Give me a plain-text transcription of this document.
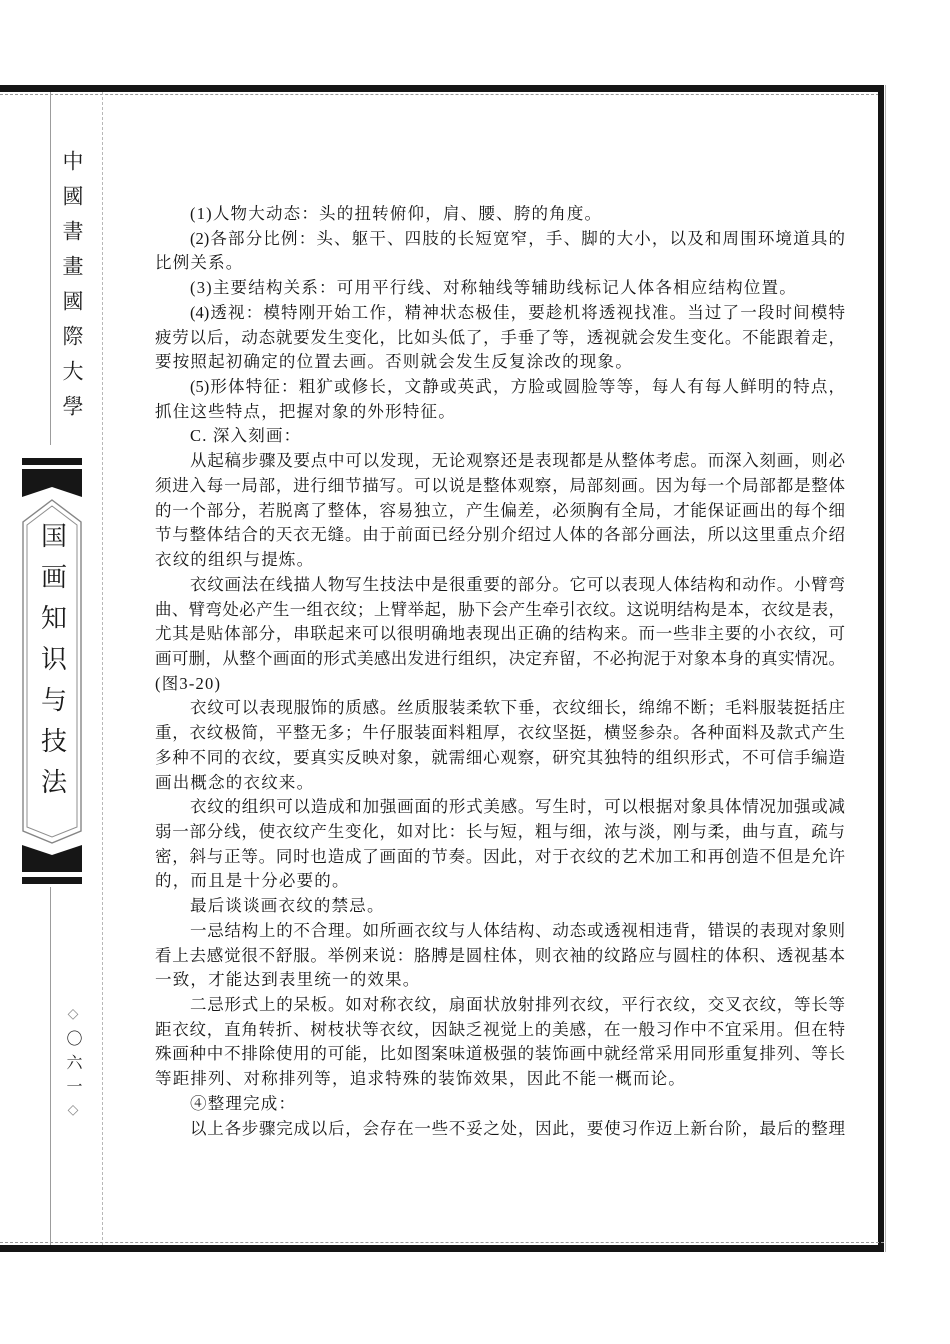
中國書畫國際大學
国画知识与技法
◇〇六一◇
(1)人物大动态：头的扭转俯仰，肩、腰、胯的角度。
(2)各部分比例：头、躯干、四肢的长短宽窄，手、脚的大小，以及和周围环境道具的
比例关系。
(3)主要结构关系：可用平行线、对称轴线等辅助线标记人体各相应结构位置。
(4)透视：模特刚开始工作，精神状态极佳，要趁机将透视找准。当过了一段时间模特
疲劳以后，动态就要发生变化，比如头低了，手垂了等，透视就会发生变化。不能跟着走，
要按照起初确定的位置去画。否则就会发生反复涂改的现象。
(5)形体特征：粗犷或修长，文静或英武，方脸或圆脸等等，每人有每人鲜明的特点，
抓住这些特点，把握对象的外形特征。
C. 深入刻画：
从起稿步骤及要点中可以发现，无论观察还是表现都是从整体考虑。而深入刻画，则必
须进入每一局部，进行细节描写。可以说是整体观察，局部刻画。因为每一个局部都是整体
的一个部分，若脱离了整体，容易独立，产生偏差，必须胸有全局，才能保证画出的每个细
节与整体结合的天衣无缝。由于前面已经分别介绍过人体的各部分画法，所以这里重点介绍
衣纹的组织与提炼。
衣纹画法在线描人物写生技法中是很重要的部分。它可以表现人体结构和动作。小臂弯
曲、臂弯处必产生一组衣纹；上臂举起，胁下会产生牵引衣纹。这说明结构是本，衣纹是表，
尤其是贴体部分，串联起来可以很明确地表现出正确的结构来。而一些非主要的小衣纹，可
画可删，从整个画面的形式美感出发进行组织，决定弃留，不必拘泥于对象本身的真实情况。
(图3-20)
衣纹可以表现服饰的质感。丝质服装柔软下垂，衣纹细长，绵绵不断；毛料服装挺括庄
重，衣纹极简，平整无多；牛仔服装面料粗厚，衣纹坚挺，横竖参杂。各种面料及款式产生
多种不同的衣纹，要真实反映对象，就需细心观察，研究其独特的组织形式，不可信手编造
画出概念的衣纹来。
衣纹的组织可以造成和加强画面的形式美感。写生时，可以根据对象具体情况加强或减
弱一部分线，使衣纹产生变化，如对比：长与短，粗与细，浓与淡，刚与柔，曲与直，疏与
密，斜与正等。同时也造成了画面的节奏。因此，对于衣纹的艺术加工和再创造不但是允许
的，而且是十分必要的。
最后谈谈画衣纹的禁忌。
一忌结构上的不合理。如所画衣纹与人体结构、动态或透视相违背，错误的表现对象则
看上去感觉很不舒服。举例来说：胳膊是圆柱体，则衣袖的纹路应与圆柱的体积、透视基本
一致，才能达到表里统一的效果。
二忌形式上的呆板。如对称衣纹，扇面状放射排列衣纹，平行衣纹，交叉衣纹，等长等
距衣纹，直角转折、树枝状等衣纹，因缺乏视觉上的美感，在一般习作中不宜采用。但在特
殊画种中不排除使用的可能，比如图案味道极强的装饰画中就经常采用同形重复排列、等长
等距排列、对称排列等，追求特殊的装饰效果，因此不能一概而论。
④整理完成：
以上各步骤完成以后，会存在一些不妥之处，因此，要使习作迈上新台阶，最后的整理
